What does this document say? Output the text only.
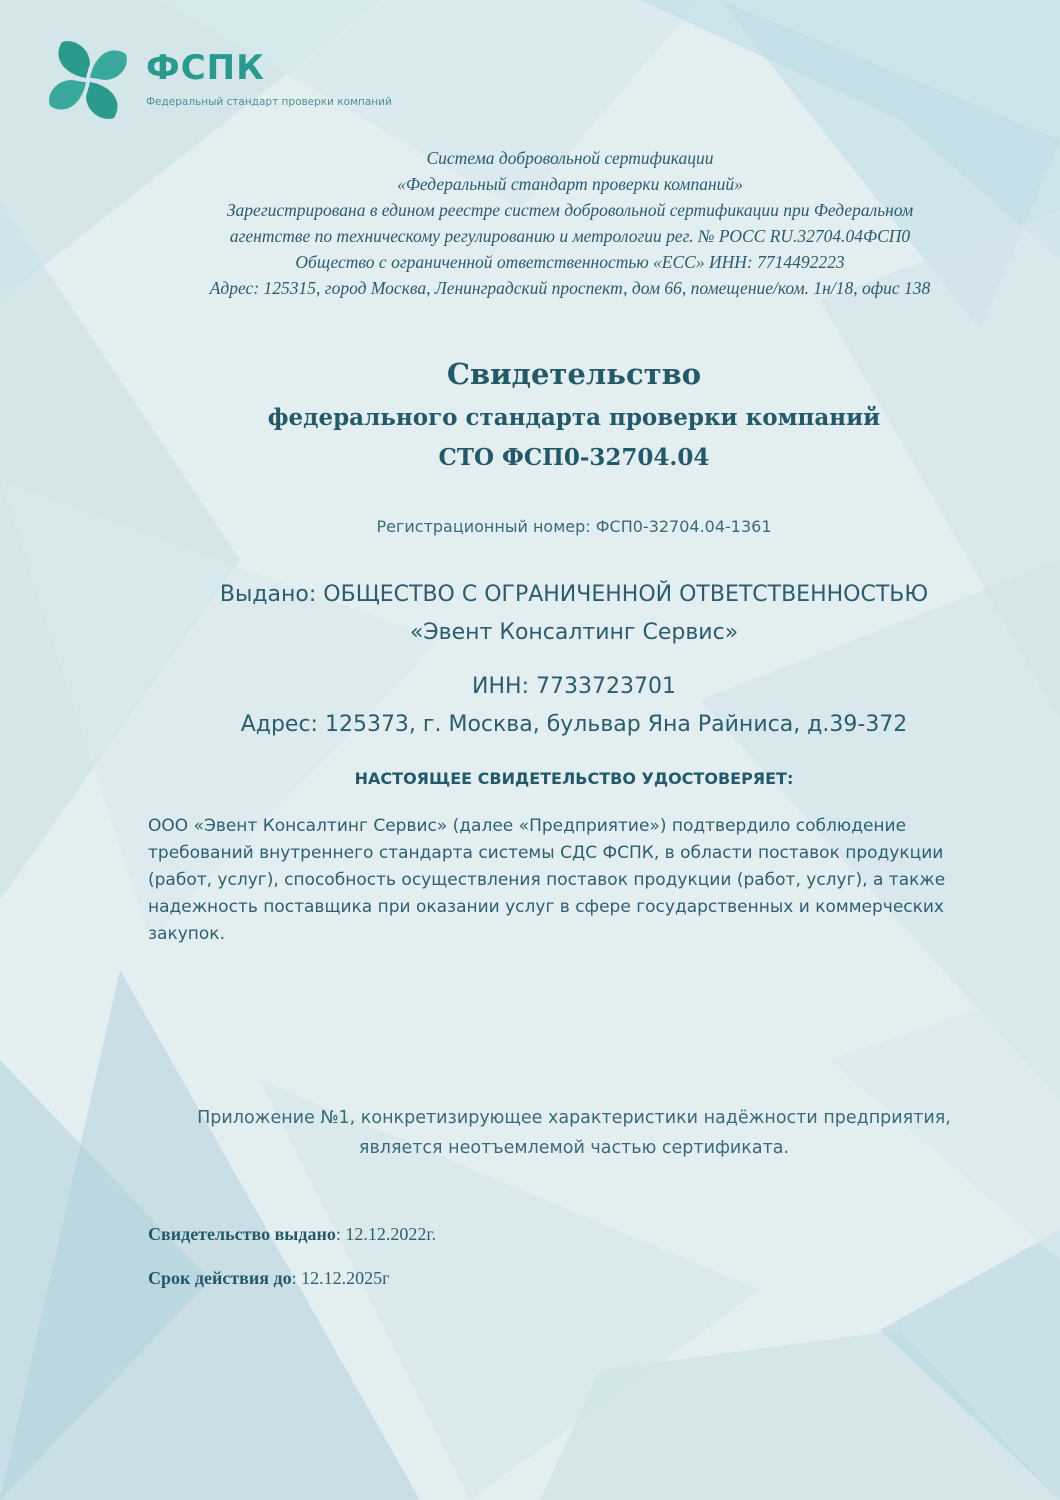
ФСПК

Федеральный стандарт проверки компаний

Система добровольной сертификации

«Федеральный стандарт проверки компаний»

Зарегистрирована в едином реестре систем добровольной сертификации при Федеральном

агентстве по техническому регулированию и метрологии рег. № РОСС RU.32704.04ФСП0

Общество с ограниченной ответственностью «ЕСС» ИНН: 7714492223

Адрес: 125315, город Москва, Ленинградский проспект, дом 66, помещение/ком. 1н/18, офис 138

Свидетельство
федерального стандарта проверки компаний
СТО ФСП0-32704.04

Регистрационный номер: ФСП0-32704.04-1361

Выдано: ОБЩЕСТВО С ОГРАНИЧЕННОЙ ОТВЕТСТВЕННОСТЬЮ

«Эвент Консалтинг Сервис»

ИНН: 7733723701

Адрес: 125373, г. Москва, бульвар Яна Райниса, д.39-372

НАСТОЯЩЕЕ СВИДЕТЕЛЬСТВО УДОСТОВЕРЯЕТ:

ООО «Эвент Консалтинг Сервис» (далее «Предприятие») подтвердило соблюдение требований внутреннего стандарта системы СДС ФСПК, в области поставок продукции (работ, услуг), способность осуществления поставок продукции (работ, услуг), а также надежность поставщика при оказании услуг в сфере государственных и коммерческих закупок.

Приложение №1, конкретизирующее характеристики надёжности предприятия,

является неотъемлемой частью сертификата.

Свидетельство выдано: 12.12.2022г.

Срок действия до: 12.12.2025г
